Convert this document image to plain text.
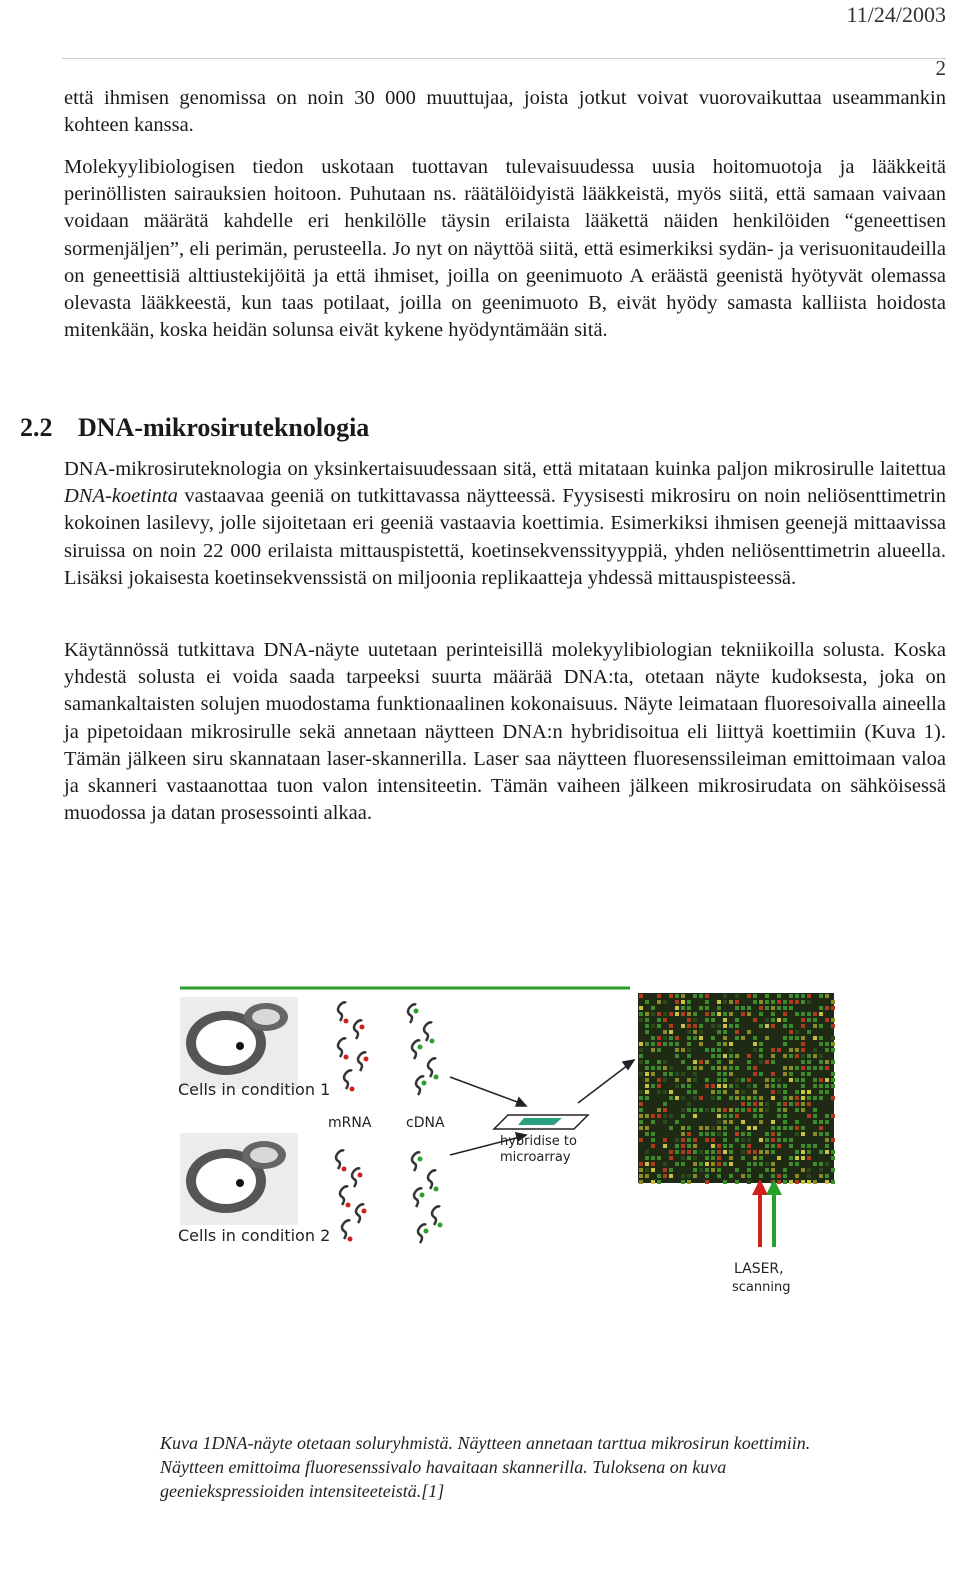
11/24/2003
2

että ihmisen genomissa on noin 30 000 muuttujaa, joista jotkut voivat vuorovaikuttaa useammankin kohteen kanssa.

Molekyylibiologisen tiedon uskotaan tuottavan tulevaisuudessa uusia hoitomuotoja ja lääkkeitä perinöllisten sairauksien hoitoon. Puhutaan ns. räätälöidyistä lääkkeistä, myös siitä, että samaan vaivaan voidaan määrätä kahdelle eri henkilölle täysin erilaista lääkettä näiden henkilöiden “geneettisen sormenjäljen”, eli perimän, perusteella. Jo nyt on näyttöä siitä, että esimerkiksi sydän- ja verisuonitaudeilla on geneettisiä alttiustekijöitä ja että ihmiset, joilla on geenimuoto A eräästä geenistä hyötyvät olemassa olevasta lääkkeestä, kun taas potilaat, joilla on geenimuoto B, eivät hyödy samasta kalliista hoidosta mitenkään, koska heidän solunsa eivät kykene hyödyntämään sitä.

2.2 DNA-mikrosiruteknologia

DNA-mikrosiruteknologia on yksinkertaisuudessaan sitä, että mitataan kuinka paljon mikrosirulle laitettua DNA-koetinta vastaavaa geeniä on tutkittavassa näytteessä. Fyysisesti mikrosiru on noin neliösenttimetrin kokoinen lasilevy, jolle sijoitetaan eri geeniä vastaavia koettimia. Esimerkiksi ihmisen geenejä mittaavissa siruissa on noin 22 000 erilaista mittauspistettä, koetinsekvenssityyppiä, yhden neliösenttimetrin alueella. Lisäksi jokaisesta koetinsekvenssistä on miljoonia replikaatteja yhdessä mittauspisteessä.

Käytännössä tutkittava DNA-näyte uutetaan perinteisillä molekyylibiologian tekniikoilla solusta. Koska yhdestä solusta ei voida saada tarpeeksi suurta määrää DNA:ta, otetaan näyte kudoksesta, joka on samankaltaisten solujen muodostama funktionaalinen kokonaisuus. Näyte leimataan fluoresoivalla aineella ja pipetoidaan mikrosirulle sekä annetaan näytteen DNA:n hybridisoitua eli liittyä koettimiin (Kuva 1). Tämän jälkeen siru skannataan laser-skannerilla. Laser saa näytteen fluoresenssileiman emittoimaan valoa ja skanneri vastaanottaa tuon valon intensiteetin. Tämän vaiheen jälkeen mikrosirudata on sähköisessä muodossa ja datan prosessointi alkaa.

Cells in condition 1
Cells in condition 2
mRNA cDNA
hybridise to
microarray
LASER,
scanning
Kuva 1DNA-näyte otetaan soluryhmistä. Näytteen annetaan tarttua mikrosirun koettimiin. Näytteen emittoima fluoresenssivalo havaitaan skannerilla. Tuloksena on kuva geeniekspressioiden intensiteeteistä.[1]
